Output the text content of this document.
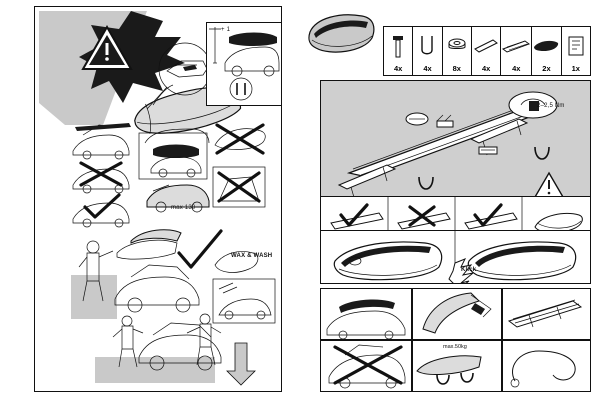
WAX & WASH
max 130
+ 1
4x	4x	8x	4x	4x	2x	1x
2–2,5 Nm
Klick
max.50kg
